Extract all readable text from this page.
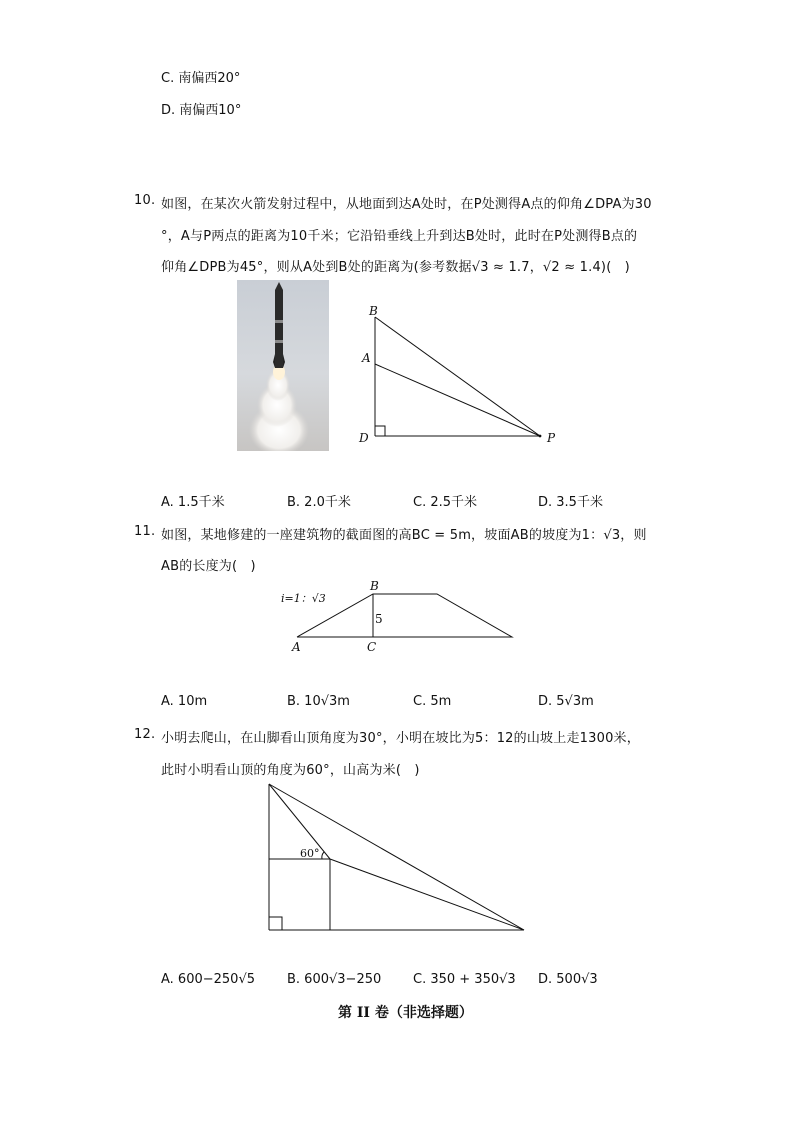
C. 南偏西20°
D. 南偏西10°
10. 如图，在某次火箭发射过程中，从地面到达A处时，在P处测得A点的仰角∠DPA为30
°，A与P两点的距离为10千米；它沿铅垂线上升到达B处时，此时在P处测得B点的
仰角∠DPB为45°，则从A处到B处的距离为(参考数据√3 ≈ 1.7，√2 ≈ 1.4)(　)
B
A
D	P
A. 1.5千米	B. 2.0千米	C. 2.5千米	D. 3.5千米
11. 如图，某地修建的一座建筑物的截面图的高BC = 5m，坡面AB的坡度为1：√3，则
AB的长度为(　)
i=1：√3
B
5
A	C
A. 10m	B. 10√3m	C. 5m	D. 5√3m
12. 小明去爬山，在山脚看山顶角度为30°，小明在坡比为5：12的山坡上走1300米，
此时小明看山顶的角度为60°，山高为米(　)
60°
A. 600−250√5 B. 600√3−250 C. 350 + 350√3 D. 500√3
第 II 卷（非选择题）
